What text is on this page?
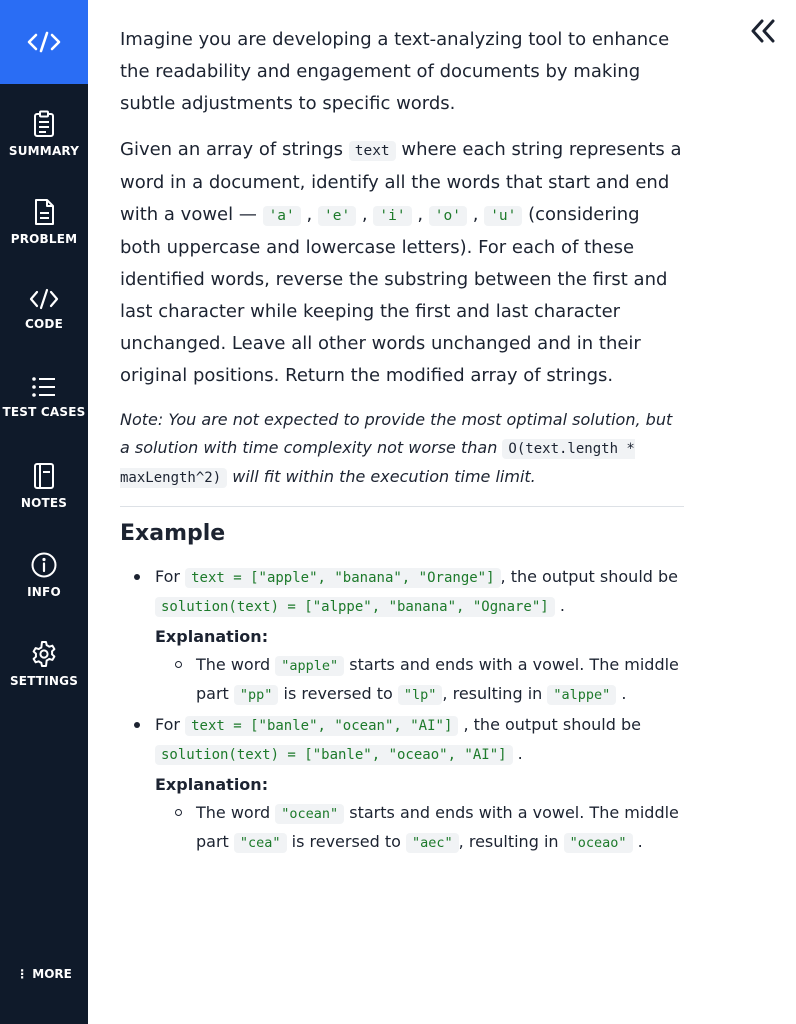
SUMMARY
PROBLEM
CODE
TEST CASES
NOTES
INFO
SETTINGS
⋮ MORE

Imagine you are developing a text-analyzing tool to enhance the readability and engagement of documents by making subtle adjustments to specific words.

Given an array of strings text where each string represents a word in a document, identify all the words that start and end with a vowel — 'a' , 'e' , 'i' , 'o' , 'u' (considering both uppercase and lowercase letters). For each of these identified words, reverse the substring between the first and last character while keeping the first and last character unchanged. Leave all other words unchanged and in their original positions. Return the modified array of strings.

Note: You are not expected to provide the most optimal solution, but a solution with time complexity not worse than O(text.length * maxLength^2) will fit within the execution time limit.

Example
For text = ["apple", "banana", "Orange"] , the output should be solution(text) = ["alppe", "banana", "Ognare"] .
Explanation:
The word "apple" starts and ends with a vowel. The middle part "pp" is reversed to "lp" , resulting in "alppe" .
For text = ["banle", "ocean", "AI"] , the output should be solution(text) = ["banle", "oceao", "AI"] .
Explanation:
The word "ocean" starts and ends with a vowel. The middle part "cea" is reversed to "aec" , resulting in "oceao" .
